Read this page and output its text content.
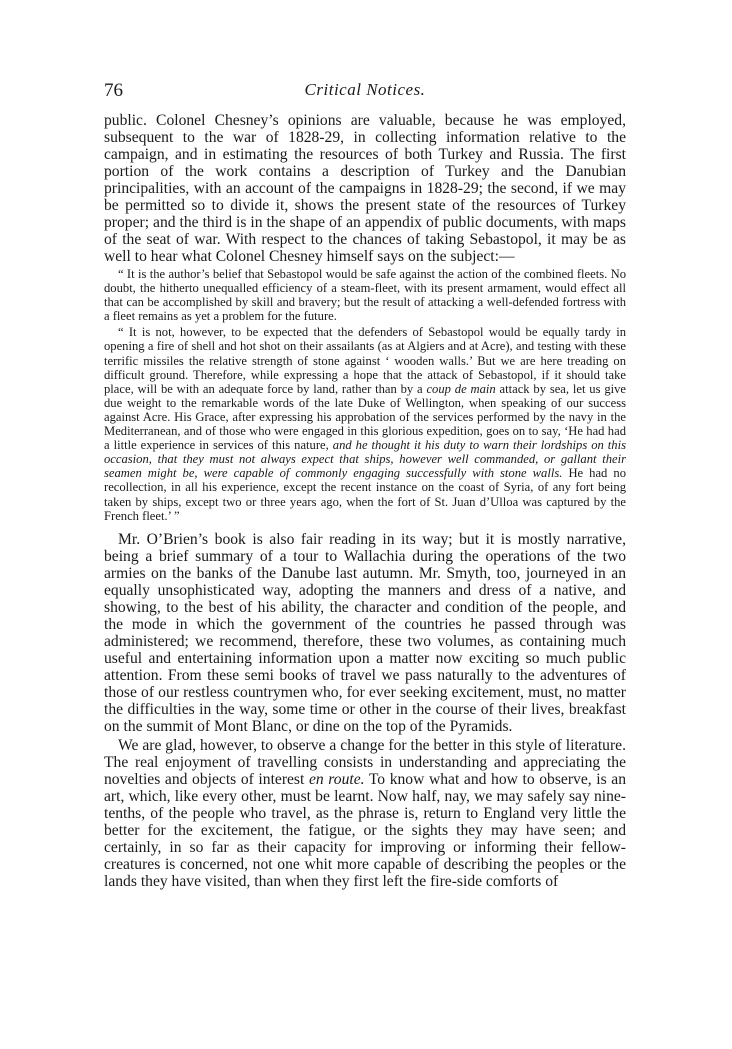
76	Critical Notices.

public. Colonel Chesney’s opinions are valuable, because he was employed, subsequent to the war of 1828-29, in collecting information relative to the campaign, and in estimating the resources of both Turkey and Russia. The first portion of the work contains a description of Turkey and the Danubian principalities, with an account of the campaigns in 1828-29; the second, if we may be permitted so to divide it, shows the present state of the resources of Turkey proper; and the third is in the shape of an appendix of public documents, with maps of the seat of war. With respect to the chances of taking Sebastopol, it may be as well to hear what Colonel Chesney himself says on the subject:—

“ It is the author’s belief that Sebastopol would be safe against the action of the combined fleets. No doubt, the hitherto unequalled efficiency of a steam-fleet, with its present armament, would effect all that can be accomplished by skill and bravery; but the result of attacking a well-defended fortress with a fleet remains as yet a problem for the future.

“ It is not, however, to be expected that the defenders of Sebastopol would be equally tardy in opening a fire of shell and hot shot on their assailants (as at Algiers and at Acre), and testing with these terrific missiles the relative strength of stone against ‘ wooden walls.’ But we are here treading on difficult ground. Therefore, while expressing a hope that the attack of Sebastopol, if it should take place, will be with an adequate force by land, rather than by a coup de main attack by sea, let us give due weight to the remarkable words of the late Duke of Wellington, when speaking of our success against Acre. His Grace, after expressing his approbation of the services performed by the navy in the Mediterranean, and of those who were engaged in this glorious expedition, goes on to say, ‘He had had a little experience in services of this nature, and he thought it his duty to warn their lordships on this occasion, that they must not always expect that ships, however well commanded, or gallant their seamen might be, were capable of commonly engaging successfully with stone walls. He had no recollection, in all his experience, except the recent instance on the coast of Syria, of any fort being taken by ships, except two or three years ago, when the fort of St. Juan d’Ulloa was captured by the French fleet.’ ”

Mr. O’Brien’s book is also fair reading in its way; but it is mostly narrative, being a brief summary of a tour to Wallachia during the operations of the two armies on the banks of the Danube last autumn. Mr. Smyth, too, journeyed in an equally unsophisticated way, adopting the manners and dress of a native, and showing, to the best of his ability, the character and condition of the people, and the mode in which the government of the countries he passed through was administered; we recommend, therefore, these two volumes, as containing much useful and entertaining information upon a matter now exciting so much public attention. From these semi books of travel we pass naturally to the adventures of those of our restless countrymen who, for ever seeking excitement, must, no matter the difficulties in the way, some time or other in the course of their lives, breakfast on the summit of Mont Blanc, or dine on the top of the Pyramids.

We are glad, however, to observe a change for the better in this style of literature. The real enjoyment of travelling consists in understanding and appreciating the novelties and objects of interest en route. To know what and how to observe, is an art, which, like every other, must be learnt. Now half, nay, we may safely say nine-tenths, of the people who travel, as the phrase is, return to England very little the better for the excitement, the fatigue, or the sights they may have seen; and certainly, in so far as their capacity for improving or informing their fellow-creatures is concerned, not one whit more capable of describing the peoples or the lands they have visited, than when they first left the fire-side comforts of
